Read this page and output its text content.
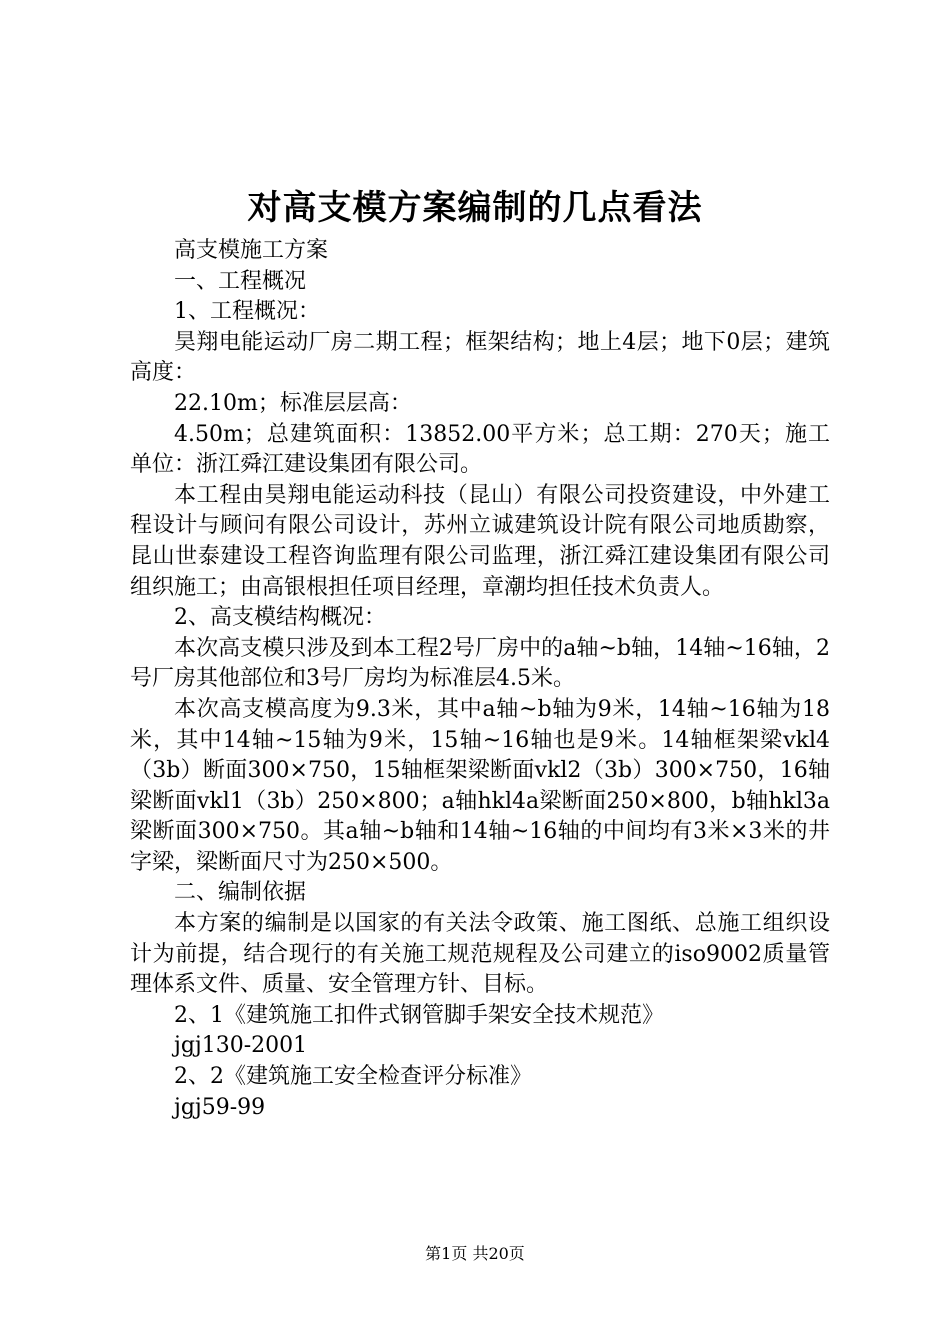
对高支模方案编制的几点看法

高支模施工方案

一、工程概况

1、工程概况：

昊翔电能运动厂房二期工程；框架结构；地上4层；地下0层；建筑高度：

22.10m；标准层层高：

4.50m；总建筑面积：13852.00平方米；总工期：270天；施工单位：浙江舜江建设集团有限公司。

本工程由昊翔电能运动科技（昆山）有限公司投资建设，中外建工程设计与顾问有限公司设计，苏州立诚建筑设计院有限公司地质勘察，昆山世泰建设工程咨询监理有限公司监理，浙江舜江建设集团有限公司组织施工；由高银根担任项目经理，章潮均担任技术负责人。

2、高支模结构概况：

本次高支模只涉及到本工程2号厂房中的a轴~b轴，14轴~16轴，2号厂房其他部位和3号厂房均为标准层4.5米。

本次高支模高度为9.3米，其中a轴~b轴为9米，14轴~16轴为18米，其中14轴~15轴为9米，15轴~16轴也是9米。14轴框架梁vkl4（3b）断面300×750，15轴框架梁断面vkl2（3b）300×750，16轴梁断面vkl1（3b）250×800；a轴hkl4a梁断面250×800，b轴hkl3a梁断面300×750。其a轴~b轴和14轴~16轴的中间均有3米×3米的井字梁，梁断面尺寸为250×500。

二、编制依据

本方案的编制是以国家的有关法令政策、施工图纸、总施工组织设计为前提，结合现行的有关施工规范规程及公司建立的iso9002质量管理体系文件、质量、安全管理方针、目标。

2、1《建筑施工扣件式钢管脚手架安全技术规范》

jgj130-2001

2、2《建筑施工安全检查评分标准》

jgj59-99

第1页 共20页
